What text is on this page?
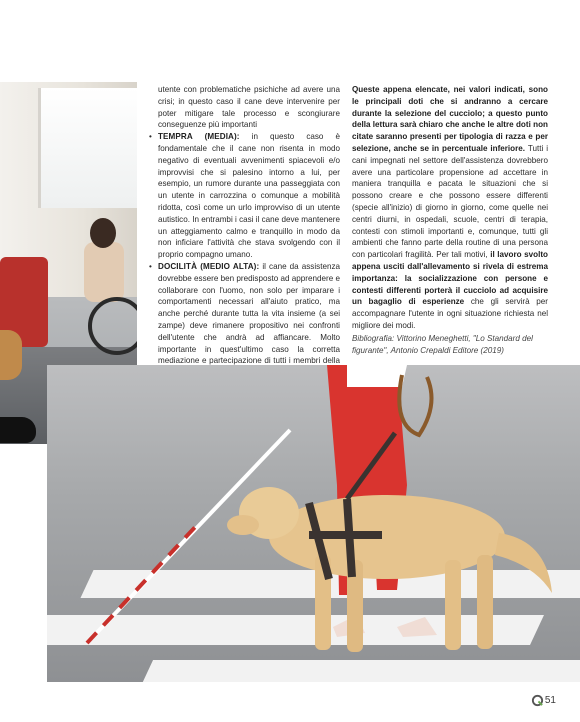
utente con problematiche psichiche ad avere una crisi; in questo caso il cane deve intervenire per poter mitigare tale processo e scongiurare conseguenze più importanti

• TEMPRA (MEDIA): in questo caso è fondamentale che il cane non risenta in modo negativo di eventuali avvenimenti spiacevoli e/o improvvisi che si palesino intorno a lui, per esempio, un rumore durante una passeggiata con un utente in carrozzina o comunque a mobilità ridotta, così come un urlo improvviso di un utente autistico. In entrambi i casi il cane deve mantenere un atteggiamento calmo e tranquillo in modo da non inficiare l'attività che stava svolgendo con il proprio compagno umano.
• DOCILITÀ (MEDIO ALTA): il cane da assistenza dovrebbe essere ben predisposto ad apprendere e collaborare con l'uomo, non solo per imparare i comportamenti necessari all'aiuto pratico, ma anche perché durante tutta la vita insieme (a sei zampe) deve rimanere propositivo nei confronti dell'utente che andrà ad affiancare. Molto importante in quest'ultimo caso la corretta mediazione e partecipazione di tutti i membri della

Queste appena elencate, nei valori indicati, sono le principali doti che si andranno a cercare durante la selezione del cucciolo; a questo punto della lettura sarà chiaro che anche le altre doti non citate saranno presenti per tipologia di razza e per selezione, anche se in percentuale inferiore. Tutti i cani impegnati nel settore dell'assistenza dovrebbero avere una particolare propensione ad accettare in maniera tranquilla e pacata le situazioni che si possono creare e che possono essere differenti (specie all'inizio) di giorno in giorno, come quelle nei centri diurni, in ospedali, scuole, centri di terapia, contesti con stimoli importanti e, comunque, tutti gli ambienti che fanno parte della routine di una persona con particolari fragilità. Per tali motivi, il lavoro svolto appena usciti dall'allevamento si rivela di estrema importanza: la socializzazione con persone e contesti differenti porterà il cucciolo ad acquisire un bagaglio di esperienze che gli servirà per accompagnare l'utente in ogni situazione richiesta nel migliore dei modi.

Bibliografia: Vittorino Meneghetti, "Lo Standard del figurante", Antonio Crepaldi Editore (2019)
51
